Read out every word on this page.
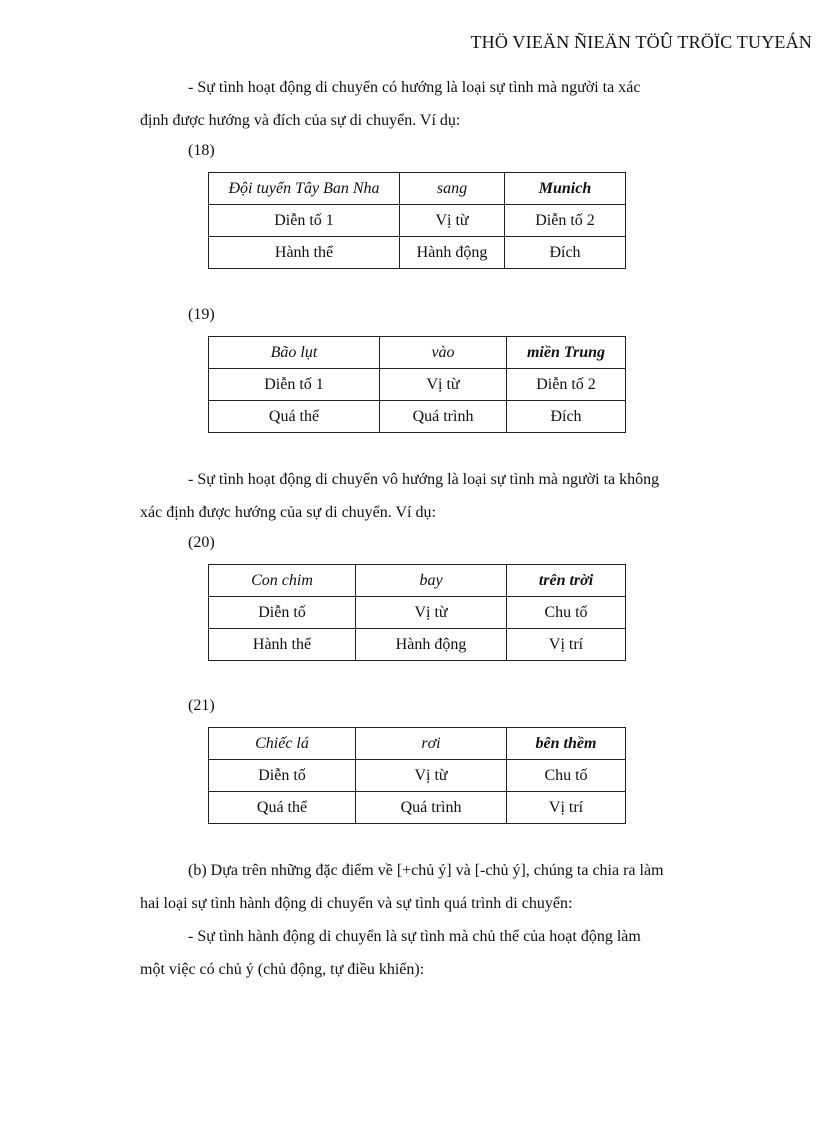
THÖ VIEÄN ÑIEÄN TÖÛ TRÖÏC TUYEÁN
- Sự tình hoạt động di chuyển có hướng là loại sự tình mà người ta xác
định được hướng và đích của sự di chuyển. Ví dụ:
(18)
Đội tuyển Tây Ban Nha	sang	Munich
Diễn tố 1	Vị từ	Diễn tố 2
Hành thể	Hành động	Đích
(19)
Bão lụt	vào	miền Trung
Diễn tố 1	Vị từ	Diễn tố 2
Quá thể	Quá trình	Đích
- Sự tình hoạt động di chuyển vô hướng là loại sự tình mà người ta không
xác định được hướng của sự di chuyển. Ví dụ:
(20)
Con chim	bay	trên trời
Diễn tố	Vị từ	Chu tố
Hành thể	Hành động	Vị trí
(21)
Chiếc lá	rơi	bên thềm
Diễn tố	Vị từ	Chu tố
Quá thể	Quá trình	Vị trí
(b) Dựa trên những đặc điểm về [+chủ ý] và [-chủ ý], chúng ta chia ra làm
hai loại sự tình hành động di chuyển và sự tình quá trình di chuyển:
- Sự tình hành động di chuyển là sự tình mà chủ thể của hoạt động làm
một việc có chủ ý (chủ động, tự điều khiển):
